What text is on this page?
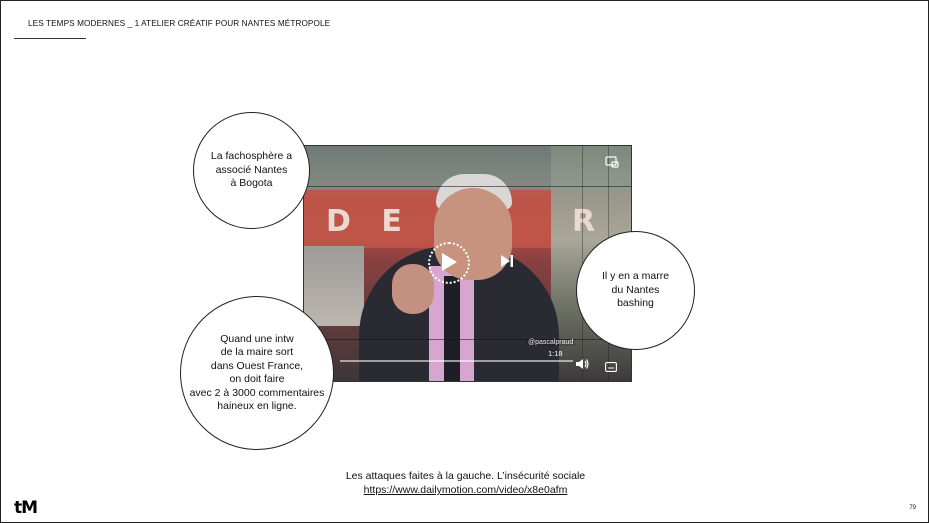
LES TEMPS MODERNES _ 1 ATELIER CRÉATIF POUR NANTES MÉTROPOLE
D E	R
@pascalpraud
1:18
La fachosphère a
associé Nantes
à Bogota
Il y en a marre
du Nantes
bashing
Quand une intw
de la maire sort
dans Ouest France,
on doit faire
avec 2 à 3000 commentaires
haineux en ligne.
Les attaques faites à la gauche. L’insécurité sociale
https://www.dailymotion.com/video/x8e0afm
tM	79
